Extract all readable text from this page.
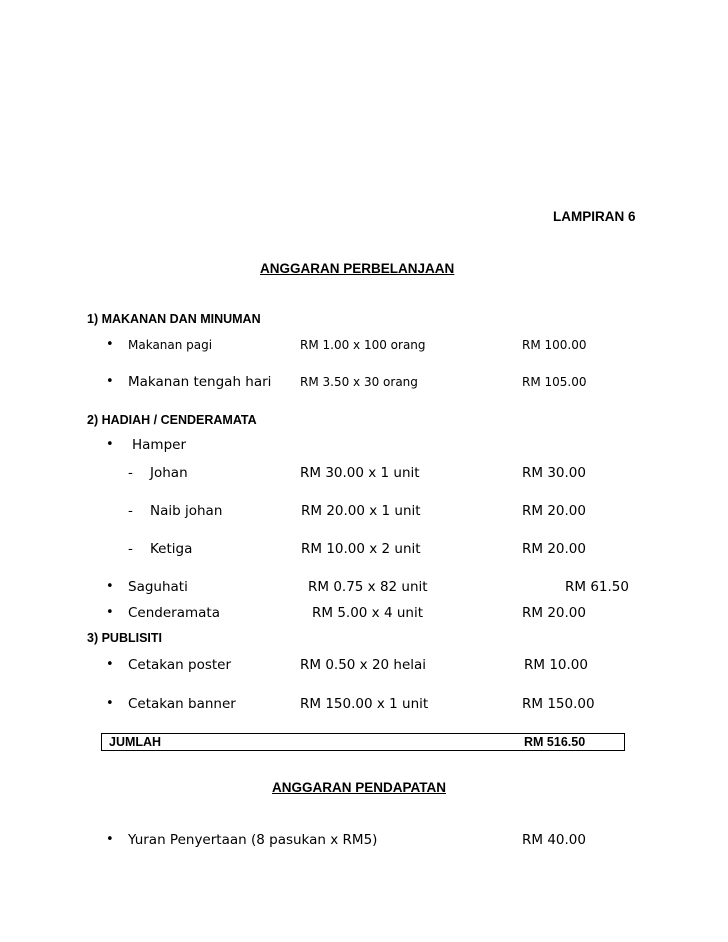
LAMPIRAN 6
ANGGARAN PERBELANJAAN
1) MAKANAN DAN MINUMAN
• Makanan pagi	RM 1.00 x 100 orang	RM 100.00
• Makanan tengah hari RM 3.50 x 30 orang	RM 105.00
2) HADIAH / CENDERAMATA
• Hamper
- Johan	RM 30.00 x 1 unit	RM 30.00
- Naib johan	RM 20.00 x 1 unit	RM 20.00
- Ketiga	RM 10.00 x 2 unit	RM 20.00
• Saguhati	RM 0.75 x 82 unit	RM 61.50
• Cenderamata	RM 5.00 x 4 unit	RM 20.00
3) PUBLISITI
• Cetakan poster	RM 0.50 x 20 helai	RM 10.00
• Cetakan banner	RM 150.00 x 1 unit	RM 150.00
JUMLAH	RM 516.50
ANGGARAN PENDAPATAN
• Yuran Penyertaan (8 pasukan x RM5)	RM 40.00
